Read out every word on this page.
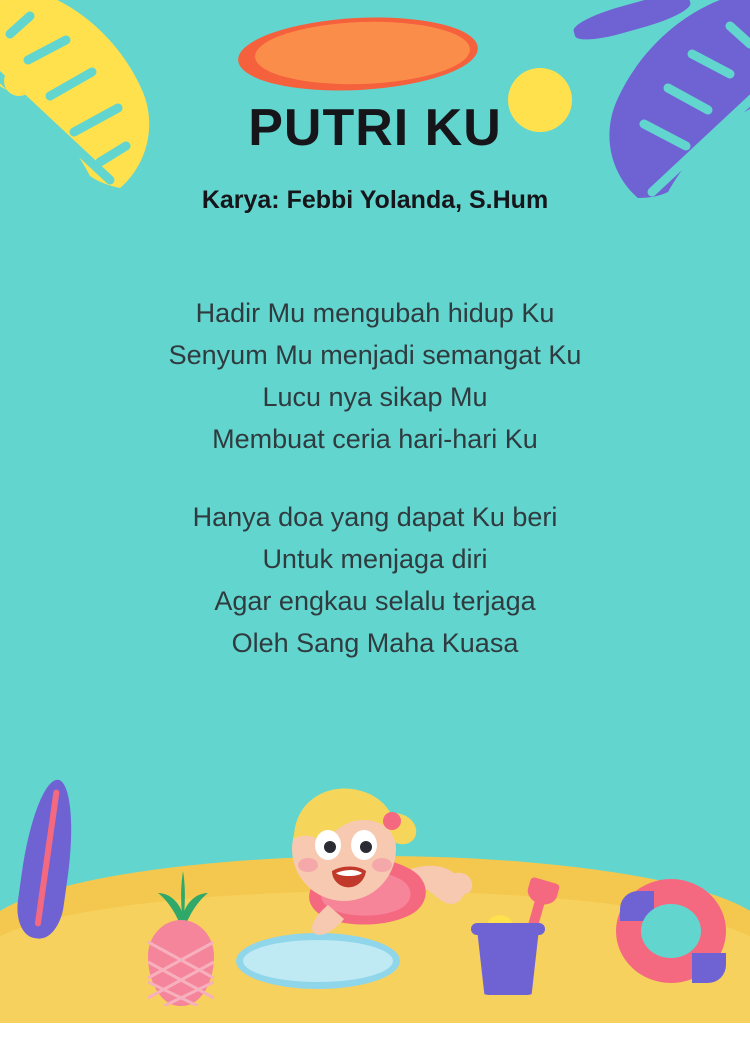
PUTRI KU
Karya: Febbi Yolanda, S.Hum
Hadir Mu mengubah hidup Ku
Senyum Mu menjadi semangat Ku
Lucu nya sikap Mu
Membuat ceria hari-hari Ku
Hanya doa yang dapat Ku beri
Untuk menjaga diri
Agar engkau selalu terjaga
Oleh Sang Maha Kuasa
